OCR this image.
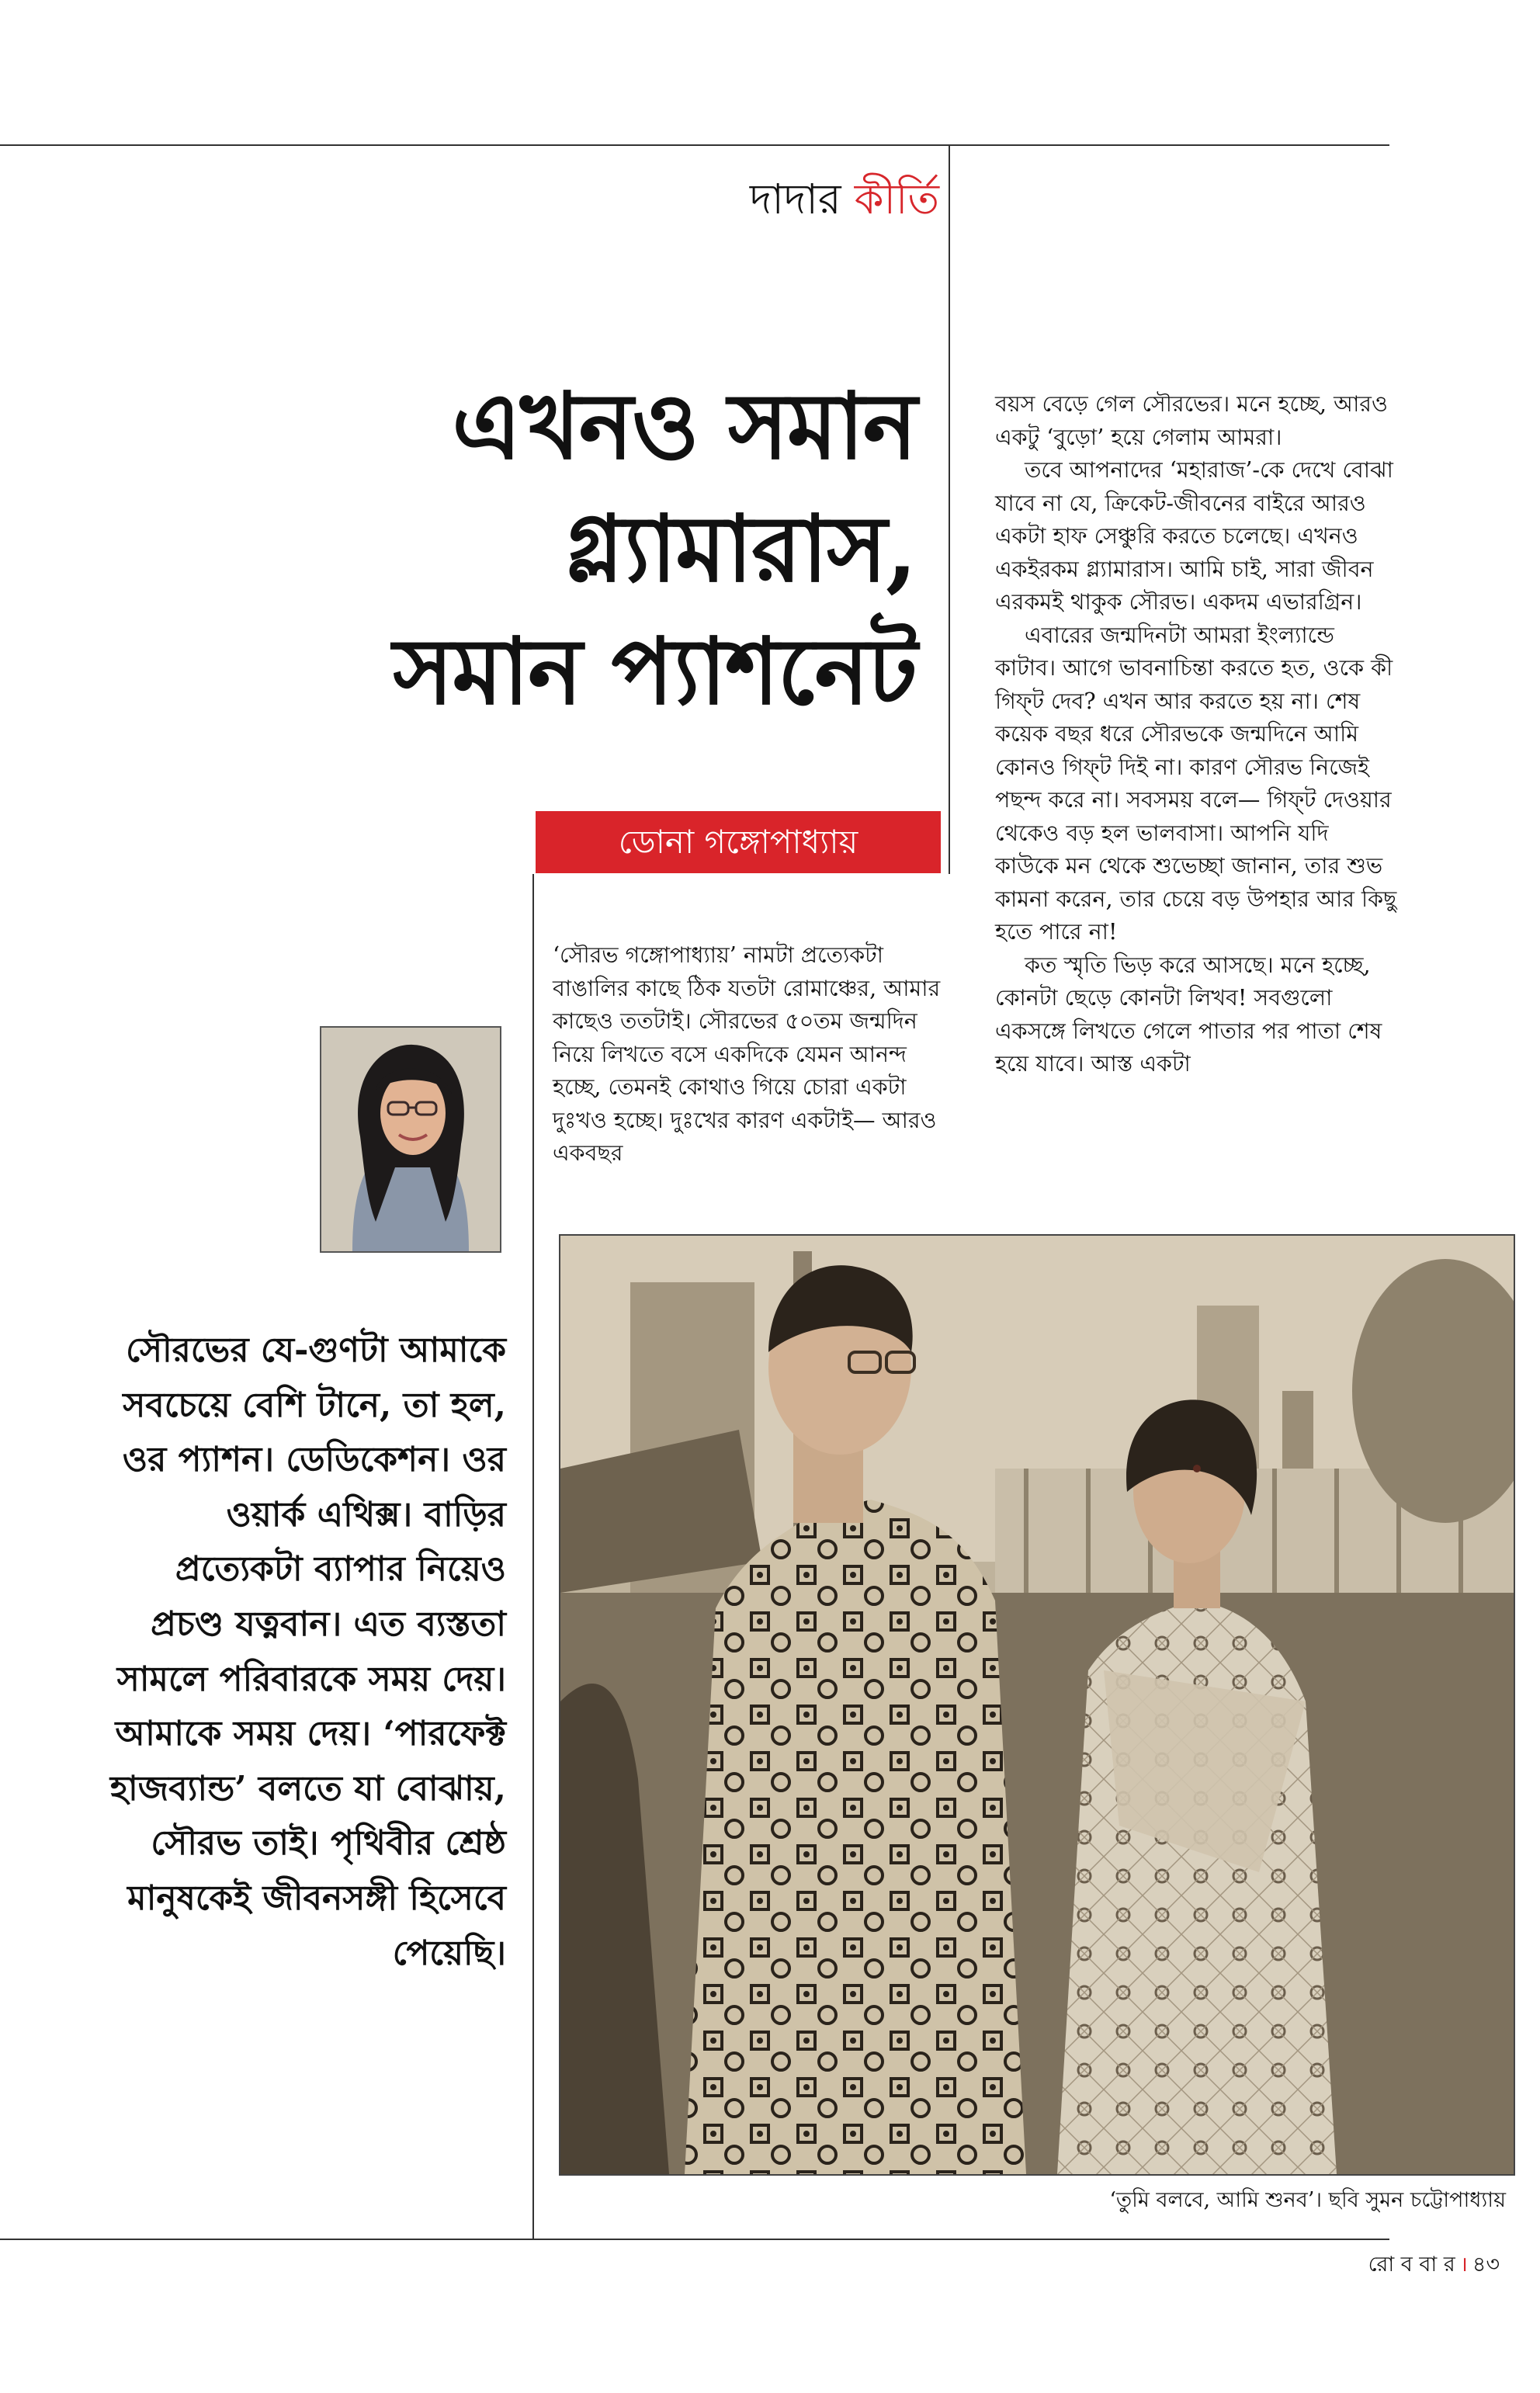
দাদার কীর্তি
এখনও সমান
গ্ল্যামারাস,
সমান প্যাশনেট
ডোনা গঙ্গোপাধ্যায়

‘সৌরভ গঙ্গোপাধ্যায়’ নামটা প্রত্যেকটা বাঙালির কাছে ঠিক যতটা রোমাঞ্চের, আমার কাছেও ততটাই। সৌরভের ৫০তম জন্মদিন নিয়ে লিখতে বসে একদিকে যেমন আনন্দ হচ্ছে, তেমনই কোথাও গিয়ে চোরা একটা দুঃখও হচ্ছে। দুঃখের কারণ একটাই— আরও একবছর

বয়স বেড়ে গেল সৌরভের। মনে হচ্ছে, আরও একটু ‘বুড়ো’ হয়ে গেলাম আমরা।

তবে আপনাদের ‘মহারাজ’-কে দেখে বোঝা যাবে না যে, ক্রিকেট-জীবনের বাইরে আরও একটা হাফ সেঞ্চুরি করতে চলেছে। এখনও একইরকম গ্ল্যামারাস। আমি চাই, সারা জীবন এরকমই থাকুক সৌরভ। একদম এভারগ্রিন।

এবারের জন্মদিনটা আমরা ইংল্যান্ডে কাটাব। আগে ভাবনাচিন্তা করতে হত, ওকে কী গিফ্‌ট দেব? এখন আর করতে হয় না। শেষ কয়েক বছর ধরে সৌরভকে জন্মদিনে আমি কোনও গিফ্‌ট দিই না। কারণ সৌরভ নিজেই পছন্দ করে না। সবসময় বলে— গিফ্‌ট দেওয়ার থেকেও বড় হল ভালবাসা। আপনি যদি কাউকে মন থেকে শুভেচ্ছা জানান, তার শুভ কামনা করেন, তার চেয়ে বড় উপহার আর কিছু হতে পারে না!

কত স্মৃতি ভিড় করে আসছে। মনে হচ্ছে, কোনটা ছেড়ে কোনটা লিখব! সবগুলো একসঙ্গে লিখতে গেলে পাতার পর পাতা শেষ হয়ে যাবে। আস্ত একটা

সৌরভের যে-গুণটা আমাকে সবচেয়ে বেশি টানে, তা হল, ওর প্যাশন। ডেডিকেশন। ওর ওয়ার্ক এথিক্স। বাড়ির প্রত্যেকটা ব্যাপার নিয়েও প্রচণ্ড যত্নবান। এত ব্যস্ততা সামলে পরিবারকে সময় দেয়। আমাকে সময় দেয়। ‘পারফেক্ট হাজব্যান্ড’ বলতে যা বোঝায়, সৌরভ তাই। পৃথিবীর শ্রেষ্ঠ মানুষকেই জীবনসঙ্গী হিসেবে পেয়েছি।
‘তুমি বলবে, আমি শুনব’। ছবি সুমন চট্টোপাধ্যায়
রো ব বা র । ৪৩
